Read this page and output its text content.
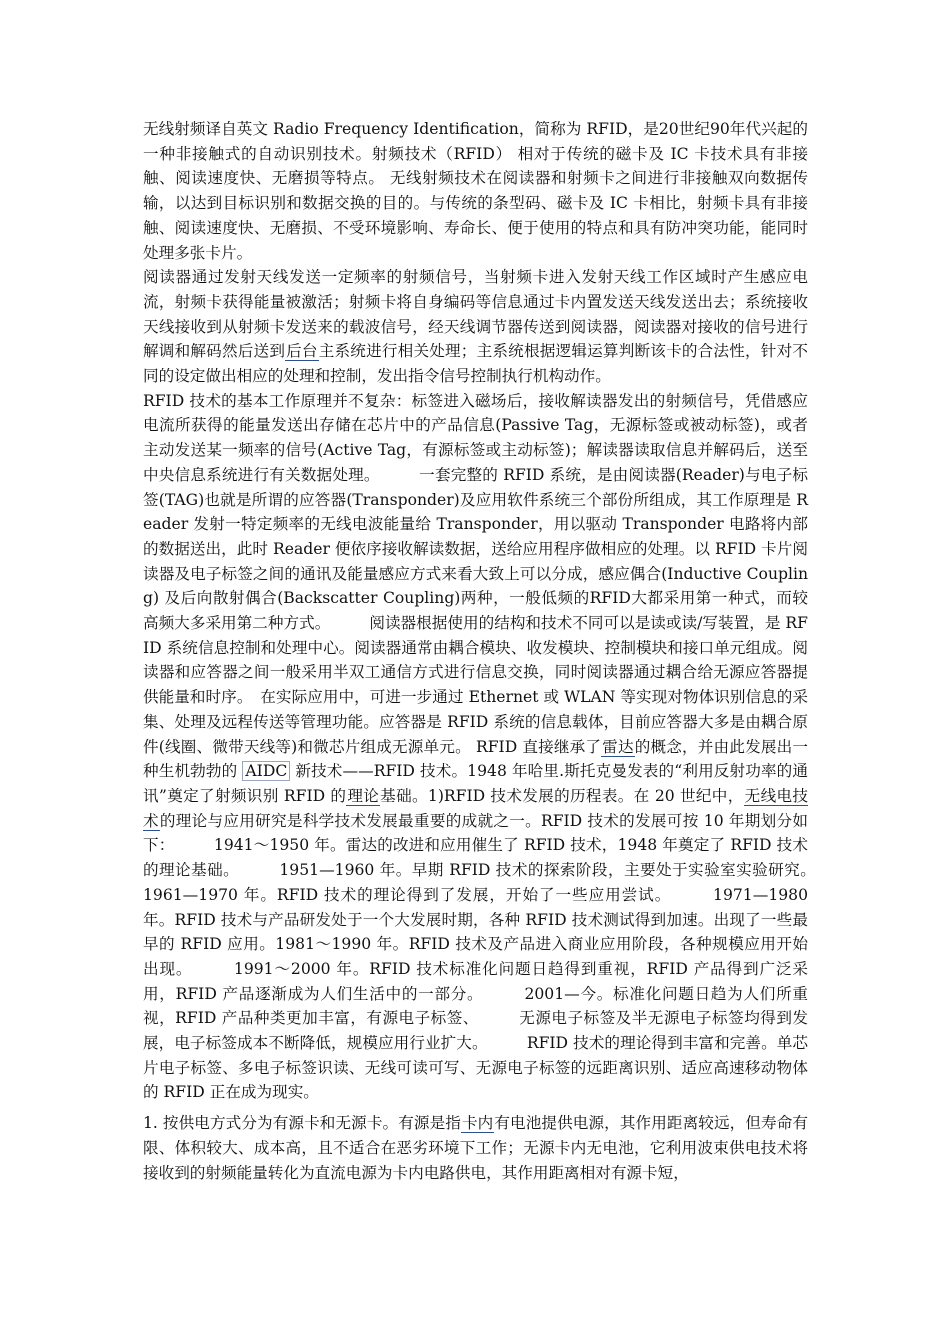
无线射频译自英文 Radio Frequency Identification，简称为 RFID，是20世纪90年代兴起的一种非接触式的自动识别技术。射频技术（RFID） 相对于传统的磁卡及 IC 卡技术具有非接触、阅读速度快、无磨损等特点。 无线射频技术在阅读器和射频卡之间进行非接触双向数据传输，以达到目标识别和数据交换的目的。与传统的条型码、磁卡及 IC 卡相比，射频卡具有非接触、阅读速度快、无磨损、不受环境影响、寿命长、便于使用的特点和具有防冲突功能，能同时处理多张卡片。

阅读器通过发射天线发送一定频率的射频信号，当射频卡进入发射天线工作区域时产生感应电流，射频卡获得能量被激活；射频卡将自身编码等信息通过卡内置发送天线发送出去；系统接收天线接收到从射频卡发送来的载波信号，经天线调节器传送到阅读器，阅读器对接收的信号进行解调和解码然后送到后台主系统进行相关处理；主系统根据逻辑运算判断该卡的合法性，针对不同的设定做出相应的处理和控制，发出指令信号控制执行机构动作。

RFID 技术的基本工作原理并不复杂：标签进入磁场后，接收解读器发出的射频信号，凭借感应电流所获得的能量发送出存储在芯片中的产品信息(Passive Tag，无源标签或被动标签)，或者主动发送某一频率的信号(Active Tag，有源标签或主动标签)；解读器读取信息并解码后，送至中央信息系统进行有关数据处理。　　　一套完整的 RFID 系统，是由阅读器(Reader)与电子标签(TAG)也就是所谓的应答器(Transponder)及应用软件系统三个部份所组成，其工作原理是 Reader 发射一特定频率的无线电波能量给 Transponder，用以驱动 Transponder 电路将内部的数据送出，此时 Reader 便依序接收解读数据，送给应用程序做相应的处理。以 RFID 卡片阅读器及电子标签之间的通讯及能量感应方式来看大致上可以分成，感应偶合(Inductive Coupling) 及后向散射偶合(Backscatter Coupling)两种，一般低频的RFID大都采用第一种式，而较高频大多采用第二种方式。　　　阅读器根据使用的结构和技术不同可以是读或读/写装置，是 RFID 系统信息控制和处理中心。阅读器通常由耦合模块、收发模块、控制模块和接口单元组成。阅读器和应答器之间一般采用半双工通信方式进行信息交换，同时阅读器通过耦合给无源应答器提供能量和时序。　在实际应用中，可进一步通过 Ethernet 或 WLAN 等实现对物体识别信息的采集、处理及远程传送等管理功能。应答器是 RFID 系统的信息载体，目前应答器大多是由耦合原件(线圈、微带天线等)和微芯片组成无源单元。 RFID 直接继承了雷达的概念，并由此发展出一种生机勃勃的 AIDC 新技术——RFID 技术。1948 年哈里.斯托克曼发表的“利用反射功率的通讯”奠定了射频识别 RFID 的理论基础。1)RFID 技术发展的历程表。在 20 世纪中，无线电技术的理论与应用研究是科学技术发展最重要的成就之一。RFID 技术的发展可按 10 年期划分如下：　　　1941～1950 年。雷达的改进和应用催生了 RFID 技术，1948 年奠定了 RFID 技术的理论基础。　　　1951—1960 年。早期 RFID 技术的探索阶段，主要处于实验室实验研究。　　　1961—1970 年。RFID 技术的理论得到了发展，开始了一些应用尝试。　　　1971—1980 年。RFID 技术与产品研发处于一个大发展时期，各种 RFID 技术测试得到加速。出现了一些最早的 RFID 应用。1981～1990 年。RFID 技术及产品进入商业应用阶段，各种规模应用开始出现。　　　1991～2000 年。RFID 技术标准化问题日趋得到重视，RFID 产品得到广泛采用，RFID 产品逐渐成为人们生活中的一部分。　　　2001—今。标准化问题日趋为人们所重视，RFID 产品种类更加丰富，有源电子标签、　　　无源电子标签及半无源电子标签均得到发展，电子标签成本不断降低，规模应用行业扩大。　　　RFID 技术的理论得到丰富和完善。单芯片电子标签、多电子标签识读、无线可读可写、无源电子标签的远距离识别、适应高速移动物体的 RFID 正在成为现实。

1. 按供电方式分为有源卡和无源卡。有源是指卡内有电池提供电源，其作用距离较远，但寿命有限、体积较大、成本高，且不适合在恶劣环境下工作；无源卡内无电池，它利用波束供电技术将接收到的射频能量转化为直流电源为卡内电路供电，其作用距离相对有源卡短，
